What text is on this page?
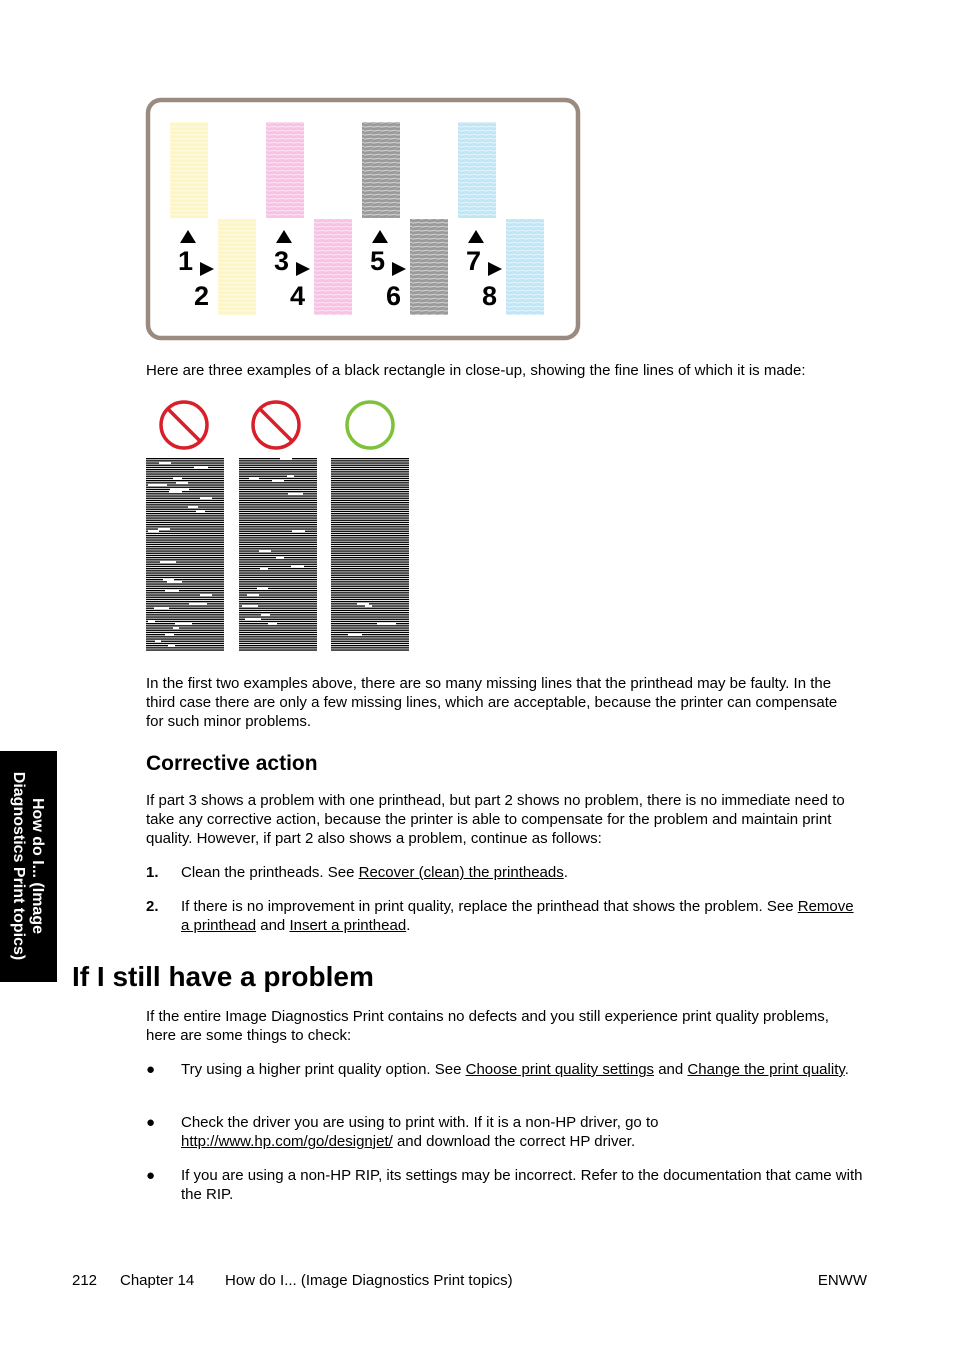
1
2
3
4
5
6
7
8

Here are three examples of a black rectangle in close-up, showing the fine lines of which it is made:

In the first two examples above, there are so many missing lines that the printhead may be faulty. In the third case there are only a few missing lines, which are acceptable, because the printer can compensate for such minor problems.

Corrective action

If part 3 shows a problem with one printhead, but part 2 shows no problem, there is no immediate need to take any corrective action, because the printer is able to compensate for the problem and maintain print quality. However, if part 2 also shows a problem, continue as follows:

1. Clean the printheads. See Recover (clean) the printheads.
2. If there is no improvement in print quality, replace the printhead that shows the problem. See Remove a printhead and Insert a printhead.
If I still have a problem

If the entire Image Diagnostics Print contains no defects and you still experience print quality problems, here are some things to check:

● Try using a higher print quality option. See Choose print quality settings and Change the print quality.
● Check the driver you are using to print with. If it is a non-HP driver, go to http://www.hp.com/go/designjet/ and download the correct HP driver.
● If you are using a non-HP RIP, its settings may be incorrect. Refer to the documentation that came with the RIP.
How do I... (Image
Diagnostics Print topics)
212 Chapter 14 How do I... (Image Diagnostics Print topics)	ENWW
